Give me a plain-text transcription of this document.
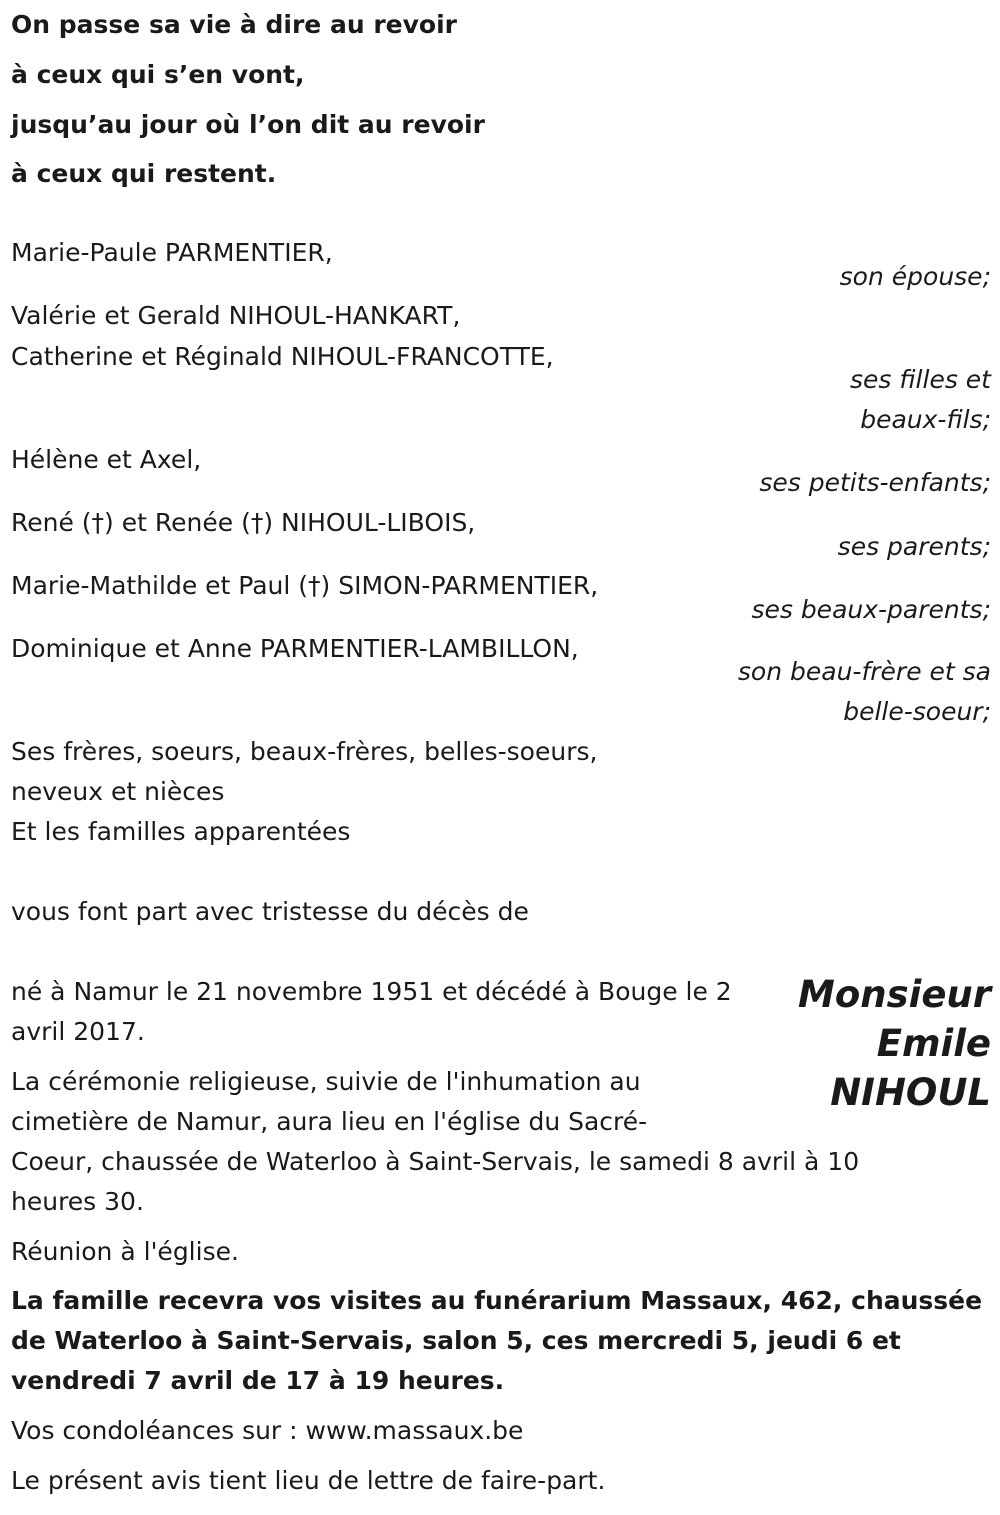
On passe sa vie à dire au revoir
à ceux qui s’en vont,
jusqu’au jour où l’on dit au revoir
à ceux qui restent.
Marie-Paule PARMENTIER,
son épouse;
Valérie et Gerald NIHOUL-HANKART,
Catherine et Réginald NIHOUL-FRANCOTTE,
ses filles et
beaux-fils;
Hélène et Axel,
ses petits-enfants;
René (†) et Renée (†) NIHOUL-LIBOIS,
ses parents;
Marie-Mathilde et Paul (†) SIMON-PARMENTIER,
ses beaux-parents;
Dominique et Anne PARMENTIER-LAMBILLON,
son beau-frère et sa
belle-soeur;
Ses frères, soeurs, beaux-frères, belles-soeurs,
neveux et nièces
Et les familles apparentées
vous font part avec tristesse du décès de
Monsieur
Emile
NIHOUL
né à Namur le 21 novembre 1951 et décédé à Bouge le 2 avril 2017.
La cérémonie religieuse, suivie de l'inhumation au cimetière de Namur, aura lieu en l'église du Sacré-Coeur, chaussée de Waterloo à Saint-Servais, le samedi 8 avril à 10 heures 30.
Réunion à l'église.
La famille recevra vos visites au funérarium Massaux, 462, chaussée de Waterloo à Saint-Servais, salon 5, ces mercredi 5, jeudi 6 et vendredi 7 avril de 17 à 19 heures.
Vos condoléances sur : www.massaux.be
Le présent avis tient lieu de lettre de faire-part.
